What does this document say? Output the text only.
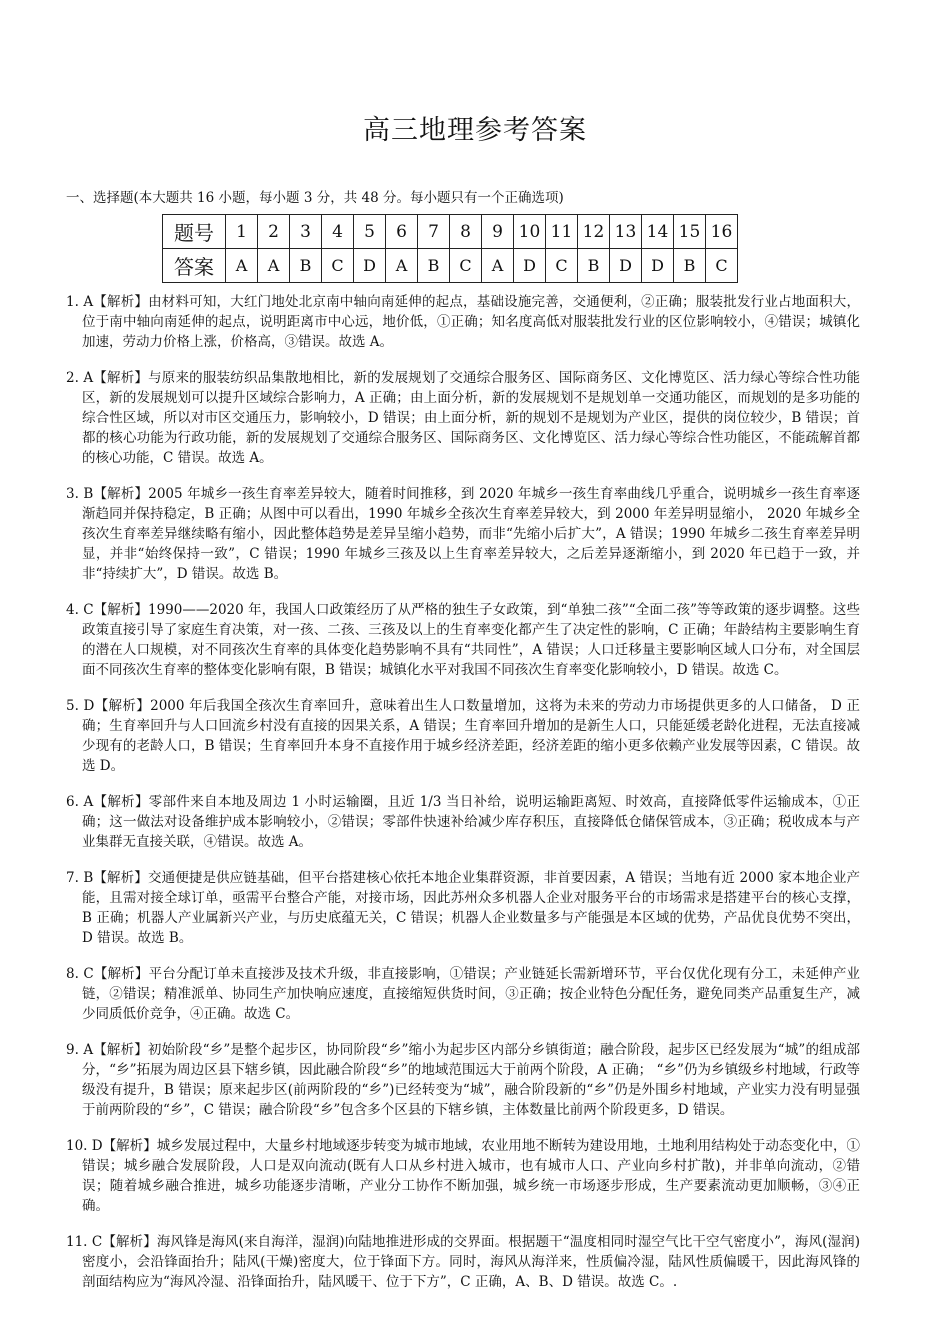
高三地理参考答案
一、选择题(本大题共 16 小题，每小题 3 分，共 48 分。每小题只有一个正确选项)
题号	1	2	3	4	5	6	7	8	9	10	11	12	13	14	15	16
答案	A	A	B	C	D	A	B	C	A	D	C	B	D	D	B	C

1. A【解析】由材料可知，大红门地处北京南中轴向南延伸的起点，基础设施完善，交通便利，②正确；服装批发行业占地面积大，位于南中轴向南延伸的起点，说明距离市中心远，地价低，①正确；知名度高低对服装批发行业的区位影响较小，④错误；城镇化加速，劳动力价格上涨，价格高，③错误。故选 A。

2. A【解析】与原来的服装纺织品集散地相比，新的发展规划了交通综合服务区、国际商务区、文化博览区、活力绿心等综合性功能区，新的发展规划可以提升区域综合影响力，A 正确；由上面分析，新的发展规划不是规划单一交通功能区，而规划的是多功能的综合性区域，所以对市区交通压力，影响较小，D 错误；由上面分析，新的规划不是规划为产业区，提供的岗位较少，B 错误；首都的核心功能为行政功能，新的发展规划了交通综合服务区、国际商务区、文化博览区、活力绿心等综合性功能区，不能疏解首都的核心功能，C 错误。故选 A。

3. B【解析】2005 年城乡一孩生育率差异较大，随着时间推移，到 2020 年城乡一孩生育率曲线几乎重合，说明城乡一孩生育率逐渐趋同并保持稳定，B 正确；从图中可以看出，1990 年城乡全孩次生育率差异较大，到 2000 年差异明显缩小， 2020 年城乡全孩次生育率差异继续略有缩小，因此整体趋势是差异呈缩小趋势，而非“先缩小后扩大”，A 错误；1990 年城乡二孩生育率差异明显，并非“始终保持一致”，C 错误；1990 年城乡三孩及以上生育率差异较大，之后差异逐渐缩小，到 2020 年已趋于一致，并非“持续扩大”，D 错误。故选 B。

4. C【解析】1990——2020 年，我国人口政策经历了从严格的独生子女政策，到“单独二孩”“全面二孩”等等政策的逐步调整。这些政策直接引导了家庭生育决策，对一孩、二孩、三孩及以上的生育率变化都产生了决定性的影响，C 正确；年龄结构主要影响生育的潜在人口规模，对不同孩次生育率的具体变化趋势影响不具有“共同性”，A 错误；人口迁移量主要影响区域人口分布，对全国层面不同孩次生育率的整体变化影响有限，B 错误；城镇化水平对我国不同孩次生育率变化影响较小，D 错误。故选 C。

5. D【解析】2000 年后我国全孩次生育率回升，意味着出生人口数量增加，这将为未来的劳动力市场提供更多的人口储备， D 正确；生育率回升与人口回流乡村没有直接的因果关系，A 错误；生育率回升增加的是新生人口，只能延缓老龄化进程，无法直接减少现有的老龄人口，B 错误；生育率回升本身不直接作用于城乡经济差距，经济差距的缩小更多依赖产业发展等因素，C 错误。故选 D。

6. A【解析】零部件来自本地及周边 1 小时运输圈，且近 1/3 当日补给，说明运输距离短、时效高，直接降低零件运输成本，①正确；这一做法对设备维护成本影响较小，②错误；零部件快速补给减少库存积压，直接降低仓储保管成本，③正确；税收成本与产业集群无直接关联，④错误。故选 A。

7. B【解析】交通便捷是供应链基础，但平台搭建核心依托本地企业集群资源，非首要因素，A 错误；当地有近 2000 家本地企业产能，且需对接全球订单，亟需平台整合产能，对接市场，因此苏州众多机器人企业对服务平台的市场需求是搭建平台的核心支撑，B 正确；机器人产业属新兴产业，与历史底蕴无关，C 错误；机器人企业数量多与产能强是本区域的优势，产品优良优势不突出，D 错误。故选 B。

8. C【解析】平台分配订单未直接涉及技术升级，非直接影响，①错误；产业链延长需新增环节，平台仅优化现有分工，未延伸产业链，②错误；精准派单、协同生产加快响应速度，直接缩短供货时间，③正确；按企业特色分配任务，避免同类产品重复生产，减少同质低价竞争，④正确。故选 C。

9. A【解析】初始阶段“乡”是整个起步区，协同阶段“乡”缩小为起步区内部分乡镇街道；融合阶段，起步区已经发展为“城”的组成部分，“乡”拓展为周边区县下辖乡镇，因此融合阶段“乡”的地域范围远大于前两个阶段，A 正确； “乡”仍为乡镇级乡村地域，行政等级没有提升，B 错误；原来起步区(前两阶段的“乡”)已经转变为“城”，融合阶段新的“乡”仍是外围乡村地域，产业实力没有明显强于前两阶段的“乡”，C 错误；融合阶段“乡”包含多个区县的下辖乡镇，主体数量比前两个阶段更多，D 错误。

10. D【解析】城乡发展过程中，大量乡村地域逐步转变为城市地域，农业用地不断转为建设用地，土地利用结构处于动态变化中，①错误；城乡融合发展阶段，人口是双向流动(既有人口从乡村进入城市，也有城市人口、产业向乡村扩散)，并非单向流动，②错误；随着城乡融合推进，城乡功能逐步清晰，产业分工协作不断加强，城乡统一市场逐步形成，生产要素流动更加顺畅，③④正确。

11. C【解析】海风锋是海风(来自海洋，湿润)向陆地推进形成的交界面。根据题干“温度相同时湿空气比干空气密度小”，海风(湿润)密度小，会沿锋面抬升；陆风(干燥)密度大，位于锋面下方。同时，海风从海洋来，性质偏冷湿，陆风性质偏暖干，因此海风锋的剖面结构应为“海风冷湿、沿锋面抬升，陆风暖干、位于下方”，C 正确，A、B、D 错误。故选 C。.
